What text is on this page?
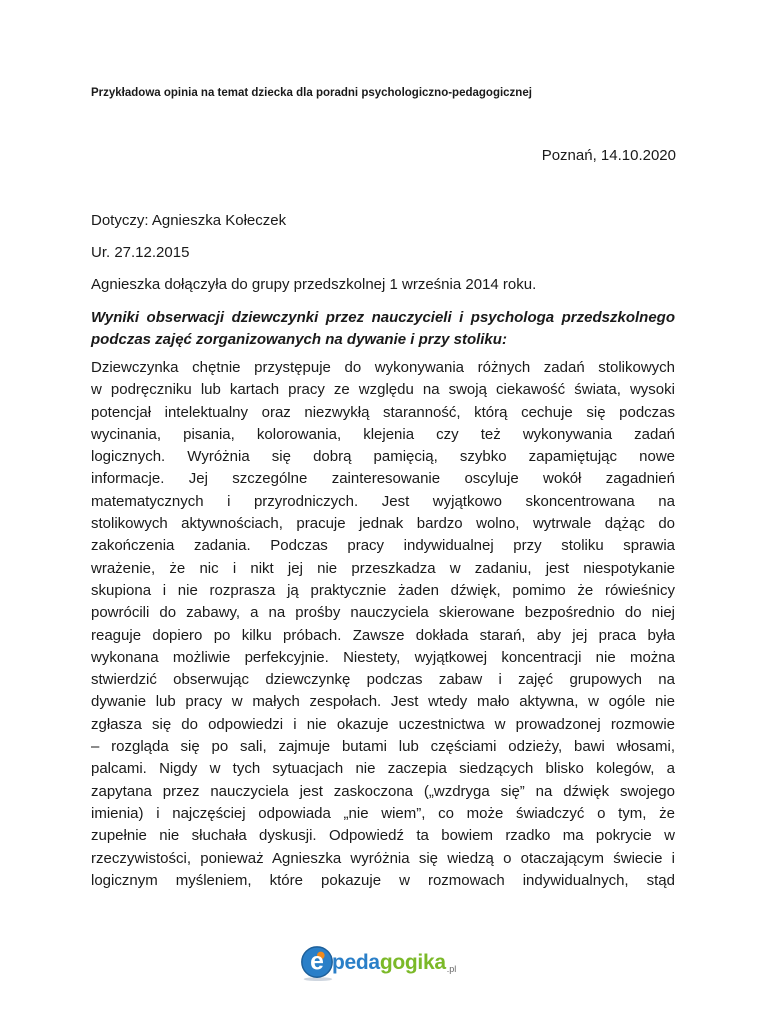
Przykładowa opinia na temat dziecka dla poradni psychologiczno-pedagogicznej
Poznań, 14.10.2020
Dotyczy: Agnieszka Kołeczek
Ur. 27.12.2015
Agnieszka dołączyła do grupy przedszkolnej 1 września 2014 roku.
Wyniki obserwacji dziewczynki przez nauczycieli i psychologa przedszkolnego podczas zajęć zorganizowanych na dywanie i przy stoliku:
Dziewczynka chętnie przystępuje do wykonywania różnych zadań stolikowych
w podręczniku lub kartach pracy ze względu na swoją ciekawość świata, wysoki
potencjał intelektualny oraz niezwykłą staranność, którą cechuje się podczas
wycinania, pisania, kolorowania, klejenia czy też wykonywania zadań
logicznych. Wyróżnia się dobrą pamięcią, szybko zapamiętując nowe
informacje. Jej szczególne zainteresowanie oscyluje wokół zagadnień
matematycznych i przyrodniczych. Jest wyjątkowo skoncentrowana na
stolikowych aktywnościach, pracuje jednak bardzo wolno, wytrwale dążąc do
zakończenia zadania. Podczas pracy indywidualnej przy stoliku sprawia
wrażenie, że nic i nikt jej nie przeszkadza w zadaniu, jest niespotykanie
skupiona i nie rozprasza ją praktycznie żaden dźwięk, pomimo że rówieśnicy
powrócili do zabawy, a na prośby nauczyciela skierowane bezpośrednio do niej
reaguje dopiero po kilku próbach. Zawsze dokłada starań, aby jej praca była
wykonana możliwie perfekcyjnie. Niestety, wyjątkowej koncentracji nie można
stwierdzić obserwując dziewczynkę podczas zabaw i zajęć grupowych na
dywanie lub pracy w małych zespołach. Jest wtedy mało aktywna, w ogóle nie
zgłasza się do odpowiedzi i nie okazuje uczestnictwa w prowadzonej rozmowie
– rozgląda się po sali, zajmuje butami lub częściami odzieży, bawi włosami,
palcami. Nigdy w tych sytuacjach nie zaczepia siedzących blisko kolegów, a
zapytana przez nauczyciela jest zaskoczona („wzdryga się” na dźwięk swojego
imienia) i najczęściej odpowiada „nie wiem”, co może świadczyć o tym, że
zupełnie nie słuchała dyskusji. Odpowiedź ta bowiem rzadko ma pokrycie w
rzeczywistości, ponieważ Agnieszka wyróżnia się wiedzą o otaczającym świecie i
logicznym myśleniem, które pokazuje w rozmowach indywidualnych, stąd
e pedagogika .pl
